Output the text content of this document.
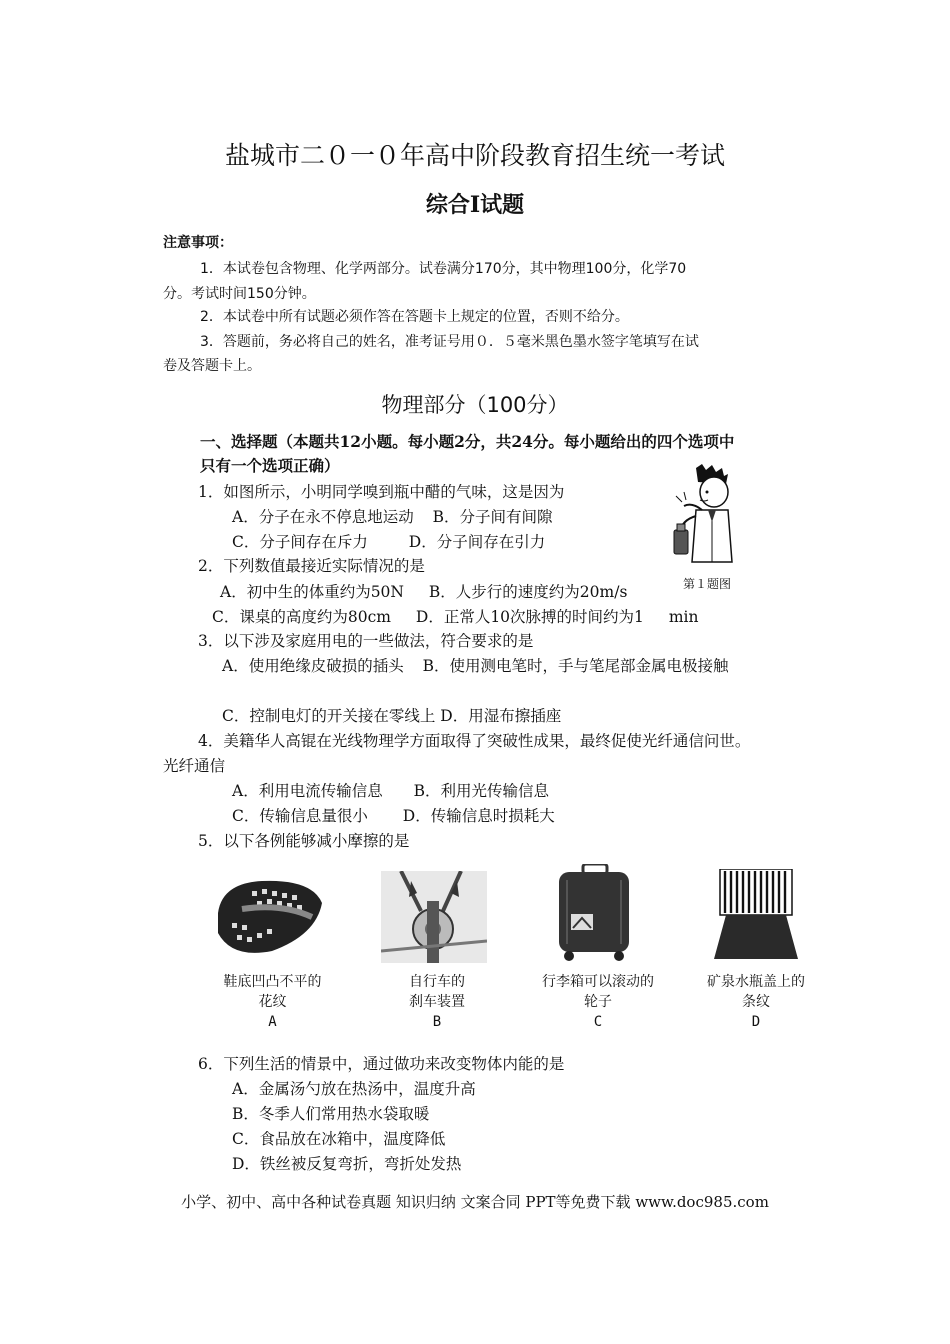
盐城市二０一０年高中阶段教育招生统一考试
综合Ⅰ试题
注意事项：
1．本试卷包含物理、化学两部分。试卷满分170分，其中物理100分，化学70
分。考试时间150分钟。
2．本试卷中所有试题必须作答在答题卡上规定的位置，否则不给分。
3．答题前，务必将自己的姓名，准考证号用０．５毫米黑色墨水签字笔填写在试
卷及答题卡上。
物理部分（100分）
一、选择题（本题共12小题。每小题2分，共24分。每小题给出的四个选项中
只有一个选项正确）
1．如图所示，小明同学嗅到瓶中醋的气味，这是因为
A．分子在永不停息地运动 B．分子间有间隙
C．分子间存在斥力 D．分子间存在引力
第１题图
2．下列数值最接近实际情况的是
A．初中生的体重约为50N B．人步行的速度约为20m/s
C．课桌的高度约为80cm D．正常人10次脉搏的时间约为1 min
3．以下涉及家庭用电的一些做法，符合要求的是
A．使用绝缘皮破损的插头 B．使用测电笔时，手与笔尾部金属电极接触
C．控制电灯的开关接在零线上 D．用湿布擦插座
4．美籍华人高锟在光线物理学方面取得了突破性成果，最终促使光纤通信问世。
光纤通信
A．利用电流传输信息 B．利用光传输信息
C．传输信息量很小 D．传输信息时损耗大
5．以下各例能够减小摩擦的是
鞋底凹凸不平的
花纹
A
自行车的
刹车装置
B
行李箱可以滚动的
轮子
C
矿泉水瓶盖上的
条纹
D
6．下列生活的情景中，通过做功来改变物体内能的是
A．金属汤勺放在热汤中，温度升高
B．冬季人们常用热水袋取暖
C．食品放在冰箱中，温度降低
D．铁丝被反复弯折，弯折处发热
小学、初中、高中各种试卷真题 知识归纳 文案合同 PPT等免费下载 www.doc985.com
